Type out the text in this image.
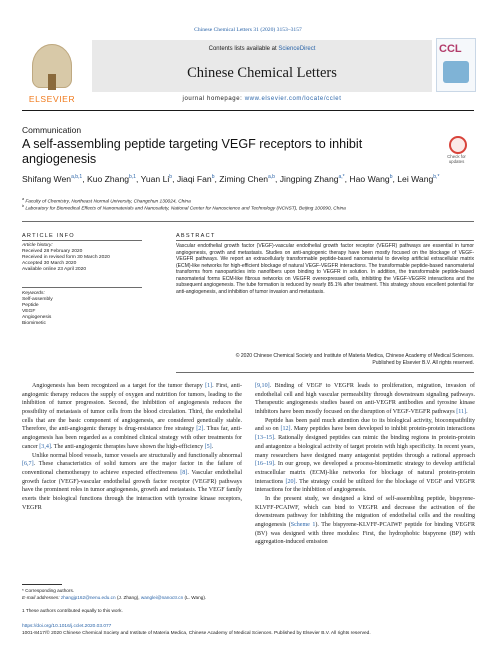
Chinese Chemical Letters 31 (2020) 3153–3157
ELSEVIER
Contents lists available at ScienceDirect
Chinese Chemical Letters
journal homepage: www.elsevier.com/locate/cclet
CCL
Communication
A self-assembling peptide targeting VEGF receptors to inhibit angiogenesis	Check for updates
Shifang Wen$^{a,b,1}$, Kuo Zhang$^{b,1}$, Yuan Li$^b$, Jiaqi Fan$^b$, Ziming Chen$^{a,b}$, Jingping Zhang$^{a,*}$, Hao Wang$^b$, Lei Wang$^{b,*}$
$^a$ Faculty of Chemistry, Northeast Normal University, Changchun 130024, China
$^b$ Laboratory for Biomedical Effects of Nanomaterials and Nanosafety, National Center for Nanoscience and Technology (NCNST), Beijing 100090, China
ARTICLE INFO	ABSTRACT
Article history:
Received 28 February 2020
Received in revised form 30 March 2020
Accepted 30 March 2020
Available online 23 April 2020
Keywords:
Self-assembly
Peptide
VEGF
Angiogenesis
Biomimetic
Vascular endothelial growth factor (VEGF)-vascular endothelial growth factor receptor (VEGFR) pathways are essential in tumor angiogenesis, growth and metastasis. Studies on anti-angiogenic therapy have been mostly focused on the blockage of VEGF-VEGFR pathways. We report an extracellularly transformable peptide-based nanomaterial to develop artificial extracellular matrix (ECM)-like networks for high-efficient blockage of natural VEGF-VEGFR interactions. The transformable peptide-based nanomaterial transforms from nanoparticles into nanofibers upon binding to VEGFR in solution. In addition, the transformable peptide-based nanomaterial forms ECM-like fibrous networks on VEGFR overexpressed cells, inhibiting the VEGF-VEGFR interactions and the subsequent angiogenesis. The tube formation is reduced by nearly 85.1% after treatment. This strategy shows excellent potential for anti-angiogenesis, and inhibition of tumor invasion and metastasis.
© 2020 Chinese Chemical Society and Institute of Materia Medica, Chinese Academy of Medical Sciences.
Published by Elsevier B.V. All rights reserved.

Angiogenesis has been recognized as a target for the tumor therapy [1]. First, anti-angiogenic therapy reduces the supply of oxygen and nutrition for tumors, leading to the inhibition of tumor progression. Second, the inhibition of angiogenesis reduces the possibility of metastasis of tumor cells from the blood circulation. Third, the endothelial cells that are the basic component of angiogenesis, are considered genetically stable. Therefore, the anti-angiogenic therapy is drug-resistance free strategy [2]. Thus far, anti-angiogenesis has been regarded as a combined clinical strategy with other treatments for cancer [3,4]. The anti-angiogenic therapies have shown the high-efficiency [5].

Unlike normal blood vessels, tumor vessels are structurally and functionally abnormal [6,7]. These characteristics of solid tumors are the major factor in the failure of conventional chemotherapy to achieve expected effectiveness [8]. Vascular endothelial growth factor (VEGF)-vascular endothelial growth factor receptor (VEGFR) pathways have the prominent roles in tumor angiogenesis, growth and metastasis. The VEGF family exerts their biological functions through the interaction with tyrosine kinase receptors, VEGFR

[9,10]. Binding of VEGF to VEGFR leads to proliferation, migration, invasion of endothelial cell and high vascular permeability through downstream signaling pathways. Therapeutic angiogenesis studies based on anti-VEGFR antibodies and tyrosine kinase inhibitors have been mostly focused on the disruption of VEGF-VEGFR pathways [11].

Peptide has been paid much attention due to its biological activity, biocompatibility and so on [12]. Many peptides have been developed to inhibit protein-protein interactions [13–15]. Rationally designed peptides can mimic the binding regions in protein-protein and antagonize a biological activity of target protein with high specificity. In recent years, many researchers have designed many antagonist peptides through a rational approach [16–19]. In our group, we developed a process-biomimetic strategy to develop artificial extracellular matrix (ECM)-like networks for blockage of natural protein-protein interactions [20]. The strategy could be utilized for the blockage of VEGF and VEGFR interactions for the inhibition of angiogenesis.

In the present study, we designed a kind of self-assembling peptide, bispyrene-KLVFF-PCAIWF, which can bind to VEGFR and decrease the activation of the downstream pathway for inhibiting the migration of endothelial cells and the resulting angiogenesis (Scheme 1). The bispyrene-KLVFF-PCAIWF peptide for binding VEGFR (BV) was designed with three modules: First, the hydrophobic bispyrene (BP) with aggregation-induced emission

* Corresponding authors.
E-mail addresses: zhangjp162@nenu.edu.cn (J. Zhang), wanglei@nanoctr.cn (L. Wang).
1 These authors contributed equally to this work.
https://doi.org/10.1016/j.cclet.2020.03.077
1001-8417/© 2020 Chinese Chemical Society and Institute of Materia Medica, Chinese Academy of Medical Sciences. Published by Elsevier B.V. All rights reserved.
